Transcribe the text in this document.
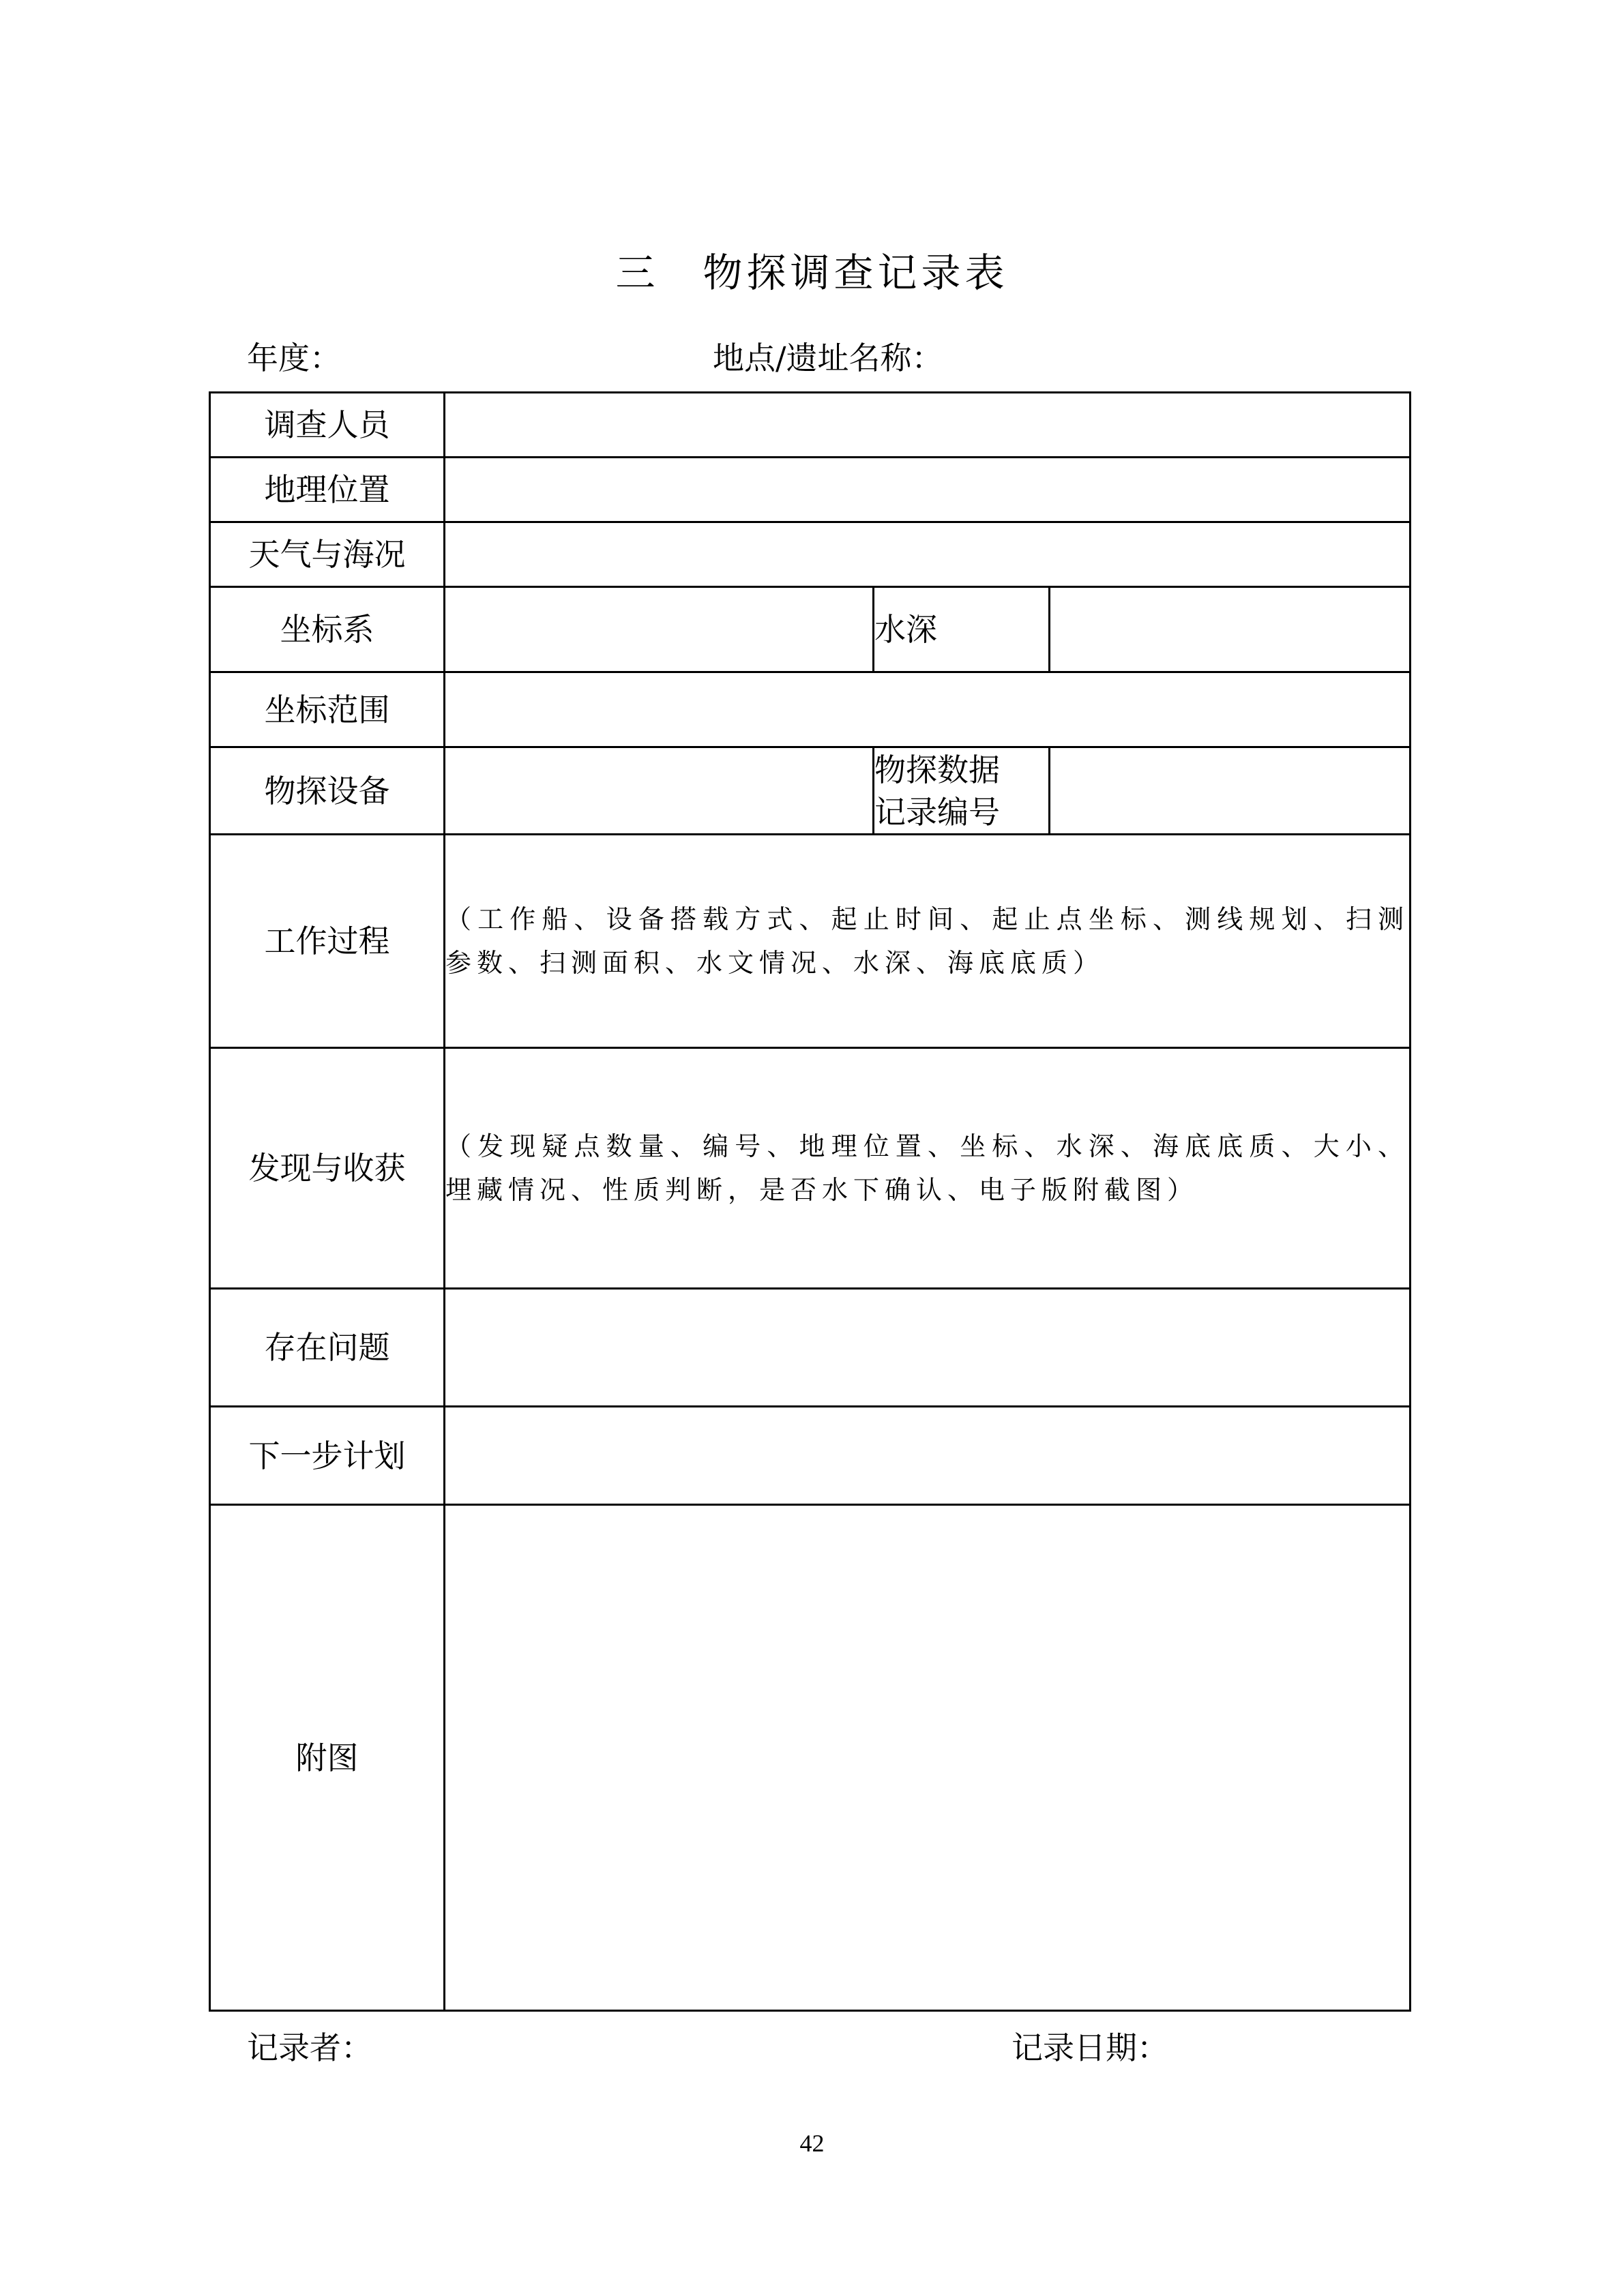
三　物探调查记录表
年度：	地点/遗址名称：
调查人员			
地理位置			
天气与海况			
坐标系		水深	
坐标范围			
物探设备		物探数据
记录编号	

工作过程	（工作船、设备搭载方式、起止时间、起止点坐标、测线规划、扫测参数、扫测面积、水文情况、水深、海底底质）		
发现与收获	（发现疑点数量、编号、地理位置、坐标、水深、海底底质、大小、埋藏情况、性质判断，是否水下确认、电子版附截图）		
存在问题			
下一步计划			
附图			
记录者：	记录日期：
42
